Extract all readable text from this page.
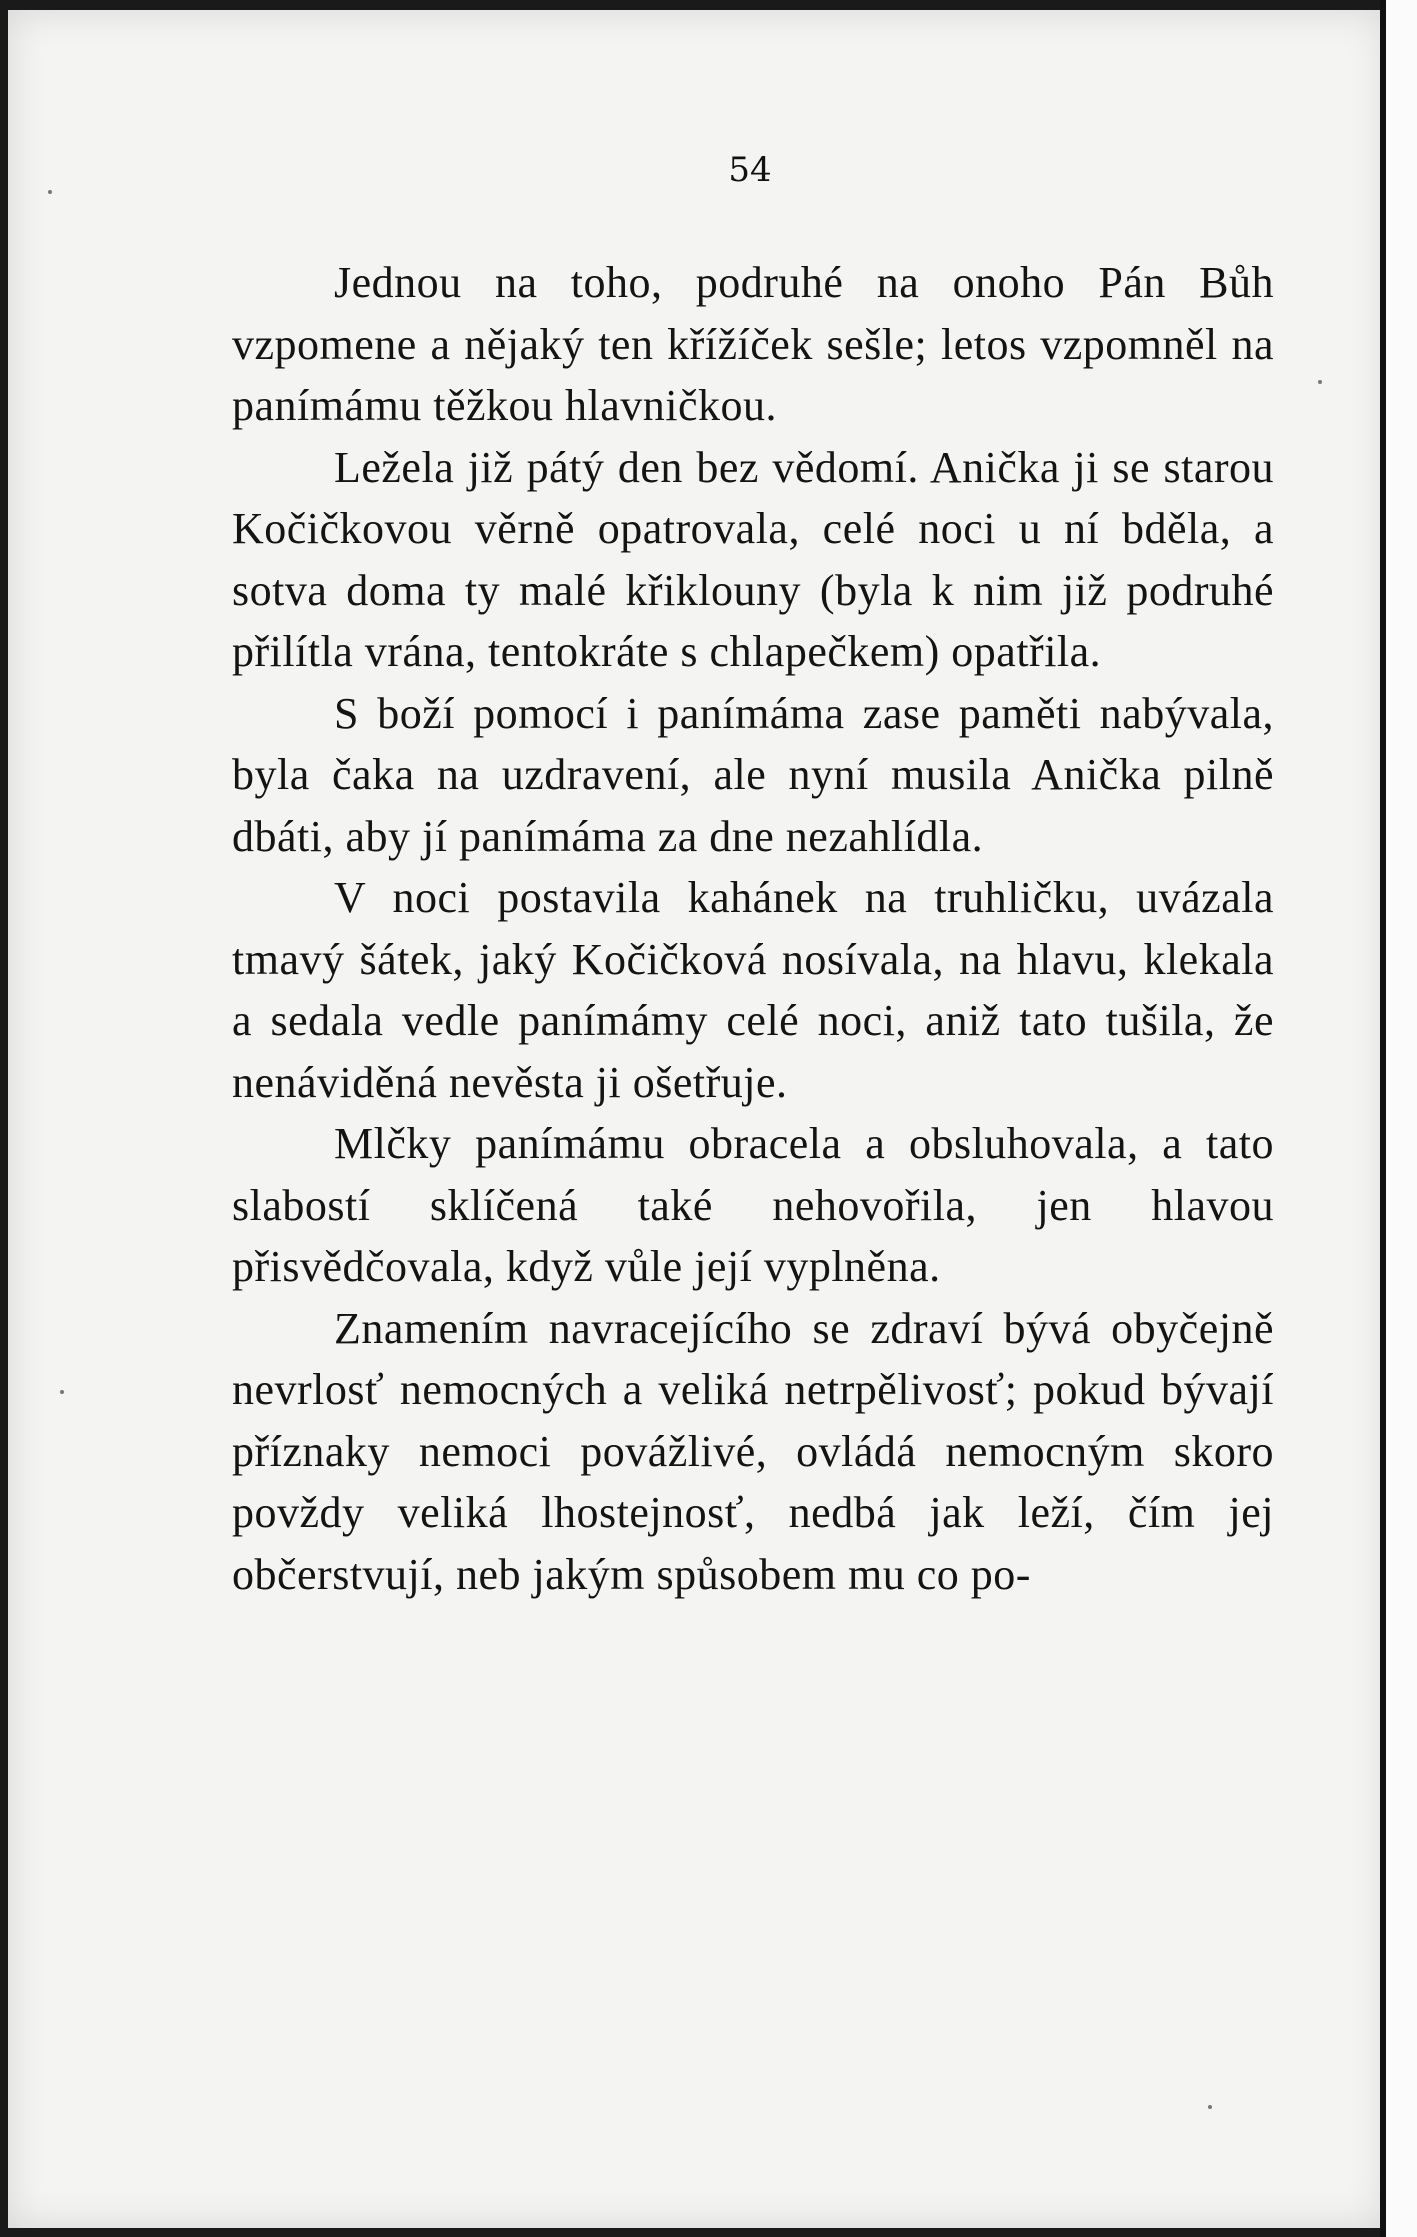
54

Jednou na toho, podruhé na onoho Pán Bůh vzpomene a nějaký ten křížíček sešle; letos vzpomněl na panímámu těžkou hlavničkou.

Ležela již pátý den bez vědomí. Anička ji se starou Kočičkovou věrně opatrovala, celé noci u ní bděla, a sotva doma ty malé křiklouny (byla k nim již podruhé přilítla vrána, tentokráte s chlapečkem) opatřila.

S boží pomocí i panímáma zase paměti nabývala, byla čaka na uzdravení, ale nyní musila Anička pilně dbáti, aby jí panímáma za dne nezahlídla.

V noci postavila kahánek na truhličku, uvázala tmavý šátek, jaký Kočičková nosívala, na hlavu, klekala a sedala vedle panímámy celé noci, aniž tato tušila, že nenáviděná nevěsta ji ošetřuje.

Mlčky panímámu obracela a obsluhovala, a tato slabostí sklíčená také nehovořila, jen hlavou přisvědčovala, když vůle její vyplněna.

Znamením navracejícího se zdraví bývá obyčejně nevrlosť nemocných a veliká netrpělivosť; pokud bývají příznaky nemoci povážlivé, ovládá nemocným skoro povždy veliká lhostejnosť, nedbá jak leží, čím jej občerstvují, neb jakým spůsobem mu co po-
